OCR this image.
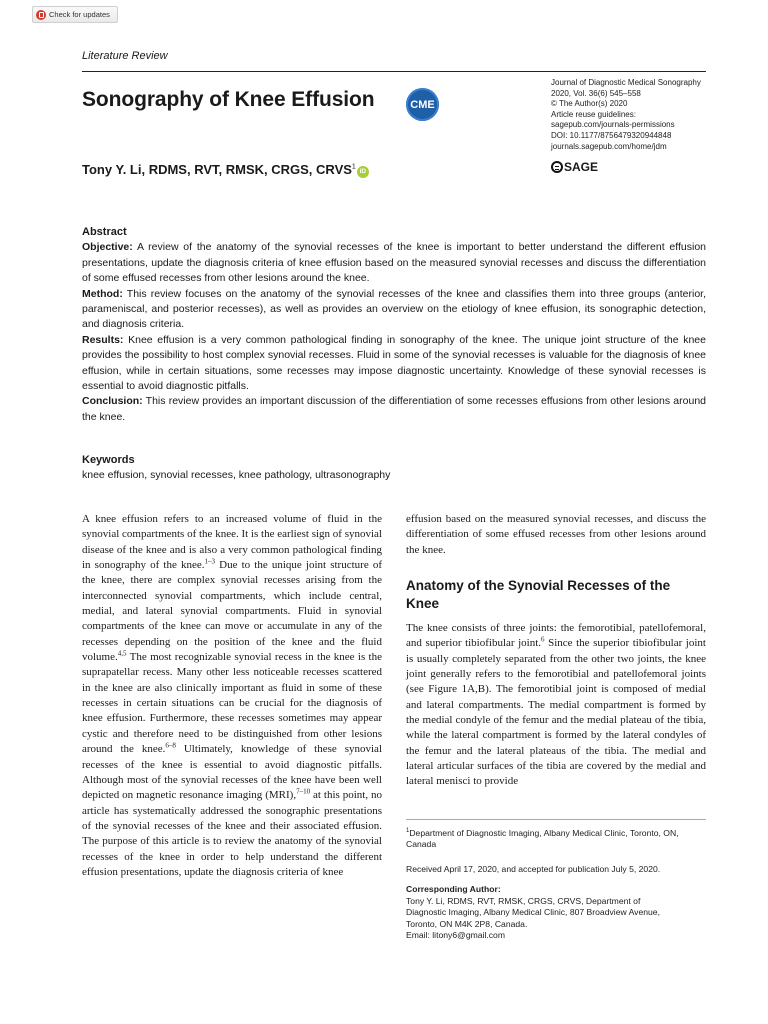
Check for updates
Literature Review
Sonography of Knee Effusion	CME
Journal of Diagnostic Medical Sonography
2020, Vol. 36(6) 545–558
© The Author(s) 2020
Article reuse guidelines:
sagepub.com/journals-permissions
DOI: 10.1177/8756479320944848
journals.sagepub.com/home/jdm
SAGE
Tony Y. Li, RDMS, RVT, RMSK, CRGS, CRVS$^1$iD
Abstract

Objective: A review of the anatomy of the synovial recesses of the knee is important to better understand the different effusion presentations, update the diagnosis criteria of knee effusion based on the measured synovial recesses and discuss the differentiation of some effused recesses from other lesions around the knee.

Method: This review focuses on the anatomy of the synovial recesses of the knee and classifies them into three groups (anterior, parameniscal, and posterior recesses), as well as provides an overview on the etiology of knee effusion, its sonographic detection, and diagnosis criteria.

Results: Knee effusion is a very common pathological finding in sonography of the knee. The unique joint structure of the knee provides the possibility to host complex synovial recesses. Fluid in some of the synovial recesses is valuable for the diagnosis of knee effusion, while in certain situations, some recesses may impose diagnostic uncertainty. Knowledge of these synovial recesses is essential to avoid diagnostic pitfalls.

Conclusion: This review provides an important discussion of the differentiation of some recesses effusions from other lesions around the knee.

Keywords
knee effusion, synovial recesses, knee pathology, ultrasonography

A knee effusion refers to an increased volume of fluid in the synovial compartments of the knee. It is the earliest sign of synovial disease of the knee and is also a very common pathological finding in sonography of the knee.$^{1-3}$ Due to the unique joint structure of the knee, there are complex synovial recesses arising from the interconnected synovial compartments, which include central, medial, and lateral synovial compartments. Fluid in synovial compartments of the knee can move or accumulate in any of the recesses depending on the position of the knee and the fluid volume.$^{4,5}$ The most recognizable synovial recess in the knee is the suprapatellar recess. Many other less noticeable recesses scattered in the knee are also clinically important as fluid in some of these recesses in certain situations can be crucial for the diagnosis of knee effusion. Furthermore, these recesses sometimes may appear cystic and therefore need to be distinguished from other lesions around the knee.$^{6-8}$ Ultimately, knowledge of these synovial recesses of the knee is essential to avoid diagnostic pitfalls. Although most of the synovial recesses of the knee have been well depicted on magnetic resonance imaging (MRI),$^{7-10}$ at this point, no article has systematically addressed the sonographic presentations of the synovial recesses of the knee and their associated effusion. The purpose of this article is to review the anatomy of the synovial recesses of the knee in order to help understand the different effusion presentations, update the diagnosis criteria of knee

effusion based on the measured synovial recesses, and discuss the differentiation of some effused recesses from other lesions around the knee.

Anatomy of the Synovial Recesses of the Knee

The knee consists of three joints: the femorotibial, patellofemoral, and superior tibiofibular joint.$^6$ Since the superior tibiofibular joint is usually completely separated from the other two joints, the knee joint generally refers to the femorotibial and patellofemoral joints (see Figure 1A,B). The femorotibial joint is composed of medial and lateral compartments. The medial compartment is formed by the medial condyle of the femur and the medial plateau of the tibia, while the lateral compartment is formed by the lateral condyles of the femur and the lateral plateaus of the tibia. The medial and lateral articular surfaces of the tibia are covered by the medial and lateral menisci to provide

$^1$Department of Diagnostic Imaging, Albany Medical Clinic, Toronto, ON, Canada
Received April 17, 2020, and accepted for publication July 5, 2020.
Corresponding Author:
Tony Y. Li, RDMS, RVT, RMSK, CRGS, CRVS, Department of
Diagnostic Imaging, Albany Medical Clinic, 807 Broadview Avenue,
Toronto, ON M4K 2P8, Canada.
Email: litony6@gmail.com
